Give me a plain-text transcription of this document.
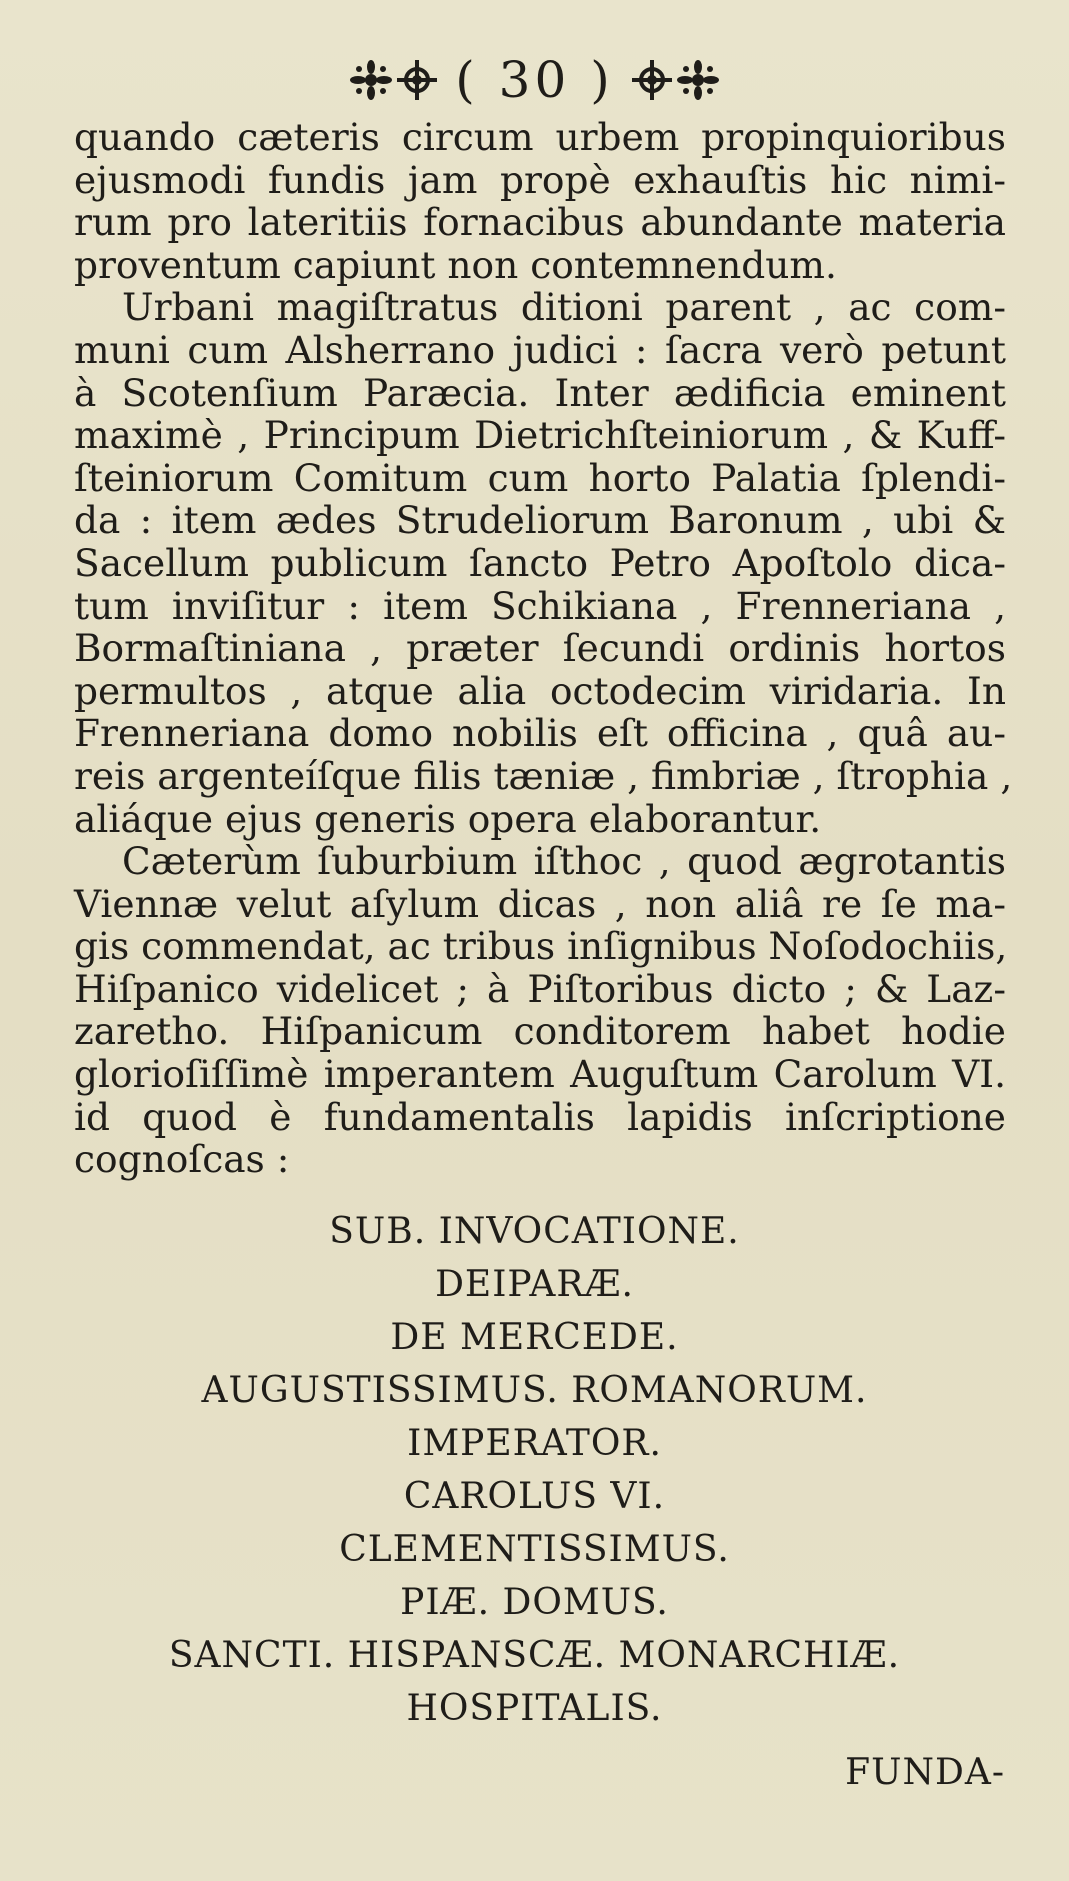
( 30 )
quando cæteris circum urbem propinquioribus
ejusmodi fundis jam propè exhauſtis hic nimi-
rum pro lateritiis fornacibus abundante materia
proventum capiunt non contemnendum.
Urbani magiſtratus ditioni parent , ac com-
muni cum Alsherrano judici : ſacra verò petunt
à Scotenſium Paræcia. Inter ædificia eminent
maximè , Principum Dietrichſteiniorum , & Kuff-
ſteiniorum Comitum cum horto Palatia ſplendi-
da : item ædes Strudeliorum Baronum , ubi &
Sacellum publicum ſancto Petro Apoſtolo dica-
tum inviſitur : item Schikiana , Frenneriana ,
Bormaſtiniana , præter ſecundi ordinis hortos
permultos , atque alia octodecim viridaria. In
Frenneriana domo nobilis eſt officina , quâ au-
reis argenteíſque filis tæniæ , fimbriæ , ſtrophia ,
aliáque ejus generis opera elaborantur.
Cæterùm ſuburbium iſthoc , quod ægrotantis
Viennæ velut aſylum dicas , non aliâ re ſe ma-
gis commendat, ac tribus inſignibus Noſodochiis,
Hiſpanico videlicet ; à Piſtoribus dicto ; & Laz-
zaretho. Hiſpanicum conditorem habet hodie
glorioſiſſimè imperantem Auguſtum Carolum VI.
id quod è fundamentalis lapidis inſcriptione
cognoſcas :
SUB. INVOCATIONE.
DEIPARÆ.
DE MERCEDE.
AUGUSTISSIMUS. ROMANORUM.
IMPERATOR.
CAROLUS VI.
CLEMENTISSIMUS.
PIÆ. DOMUS.
SANCTI. HISPANSCÆ. MONARCHIÆ.
HOSPITALIS.
FUNDA-
